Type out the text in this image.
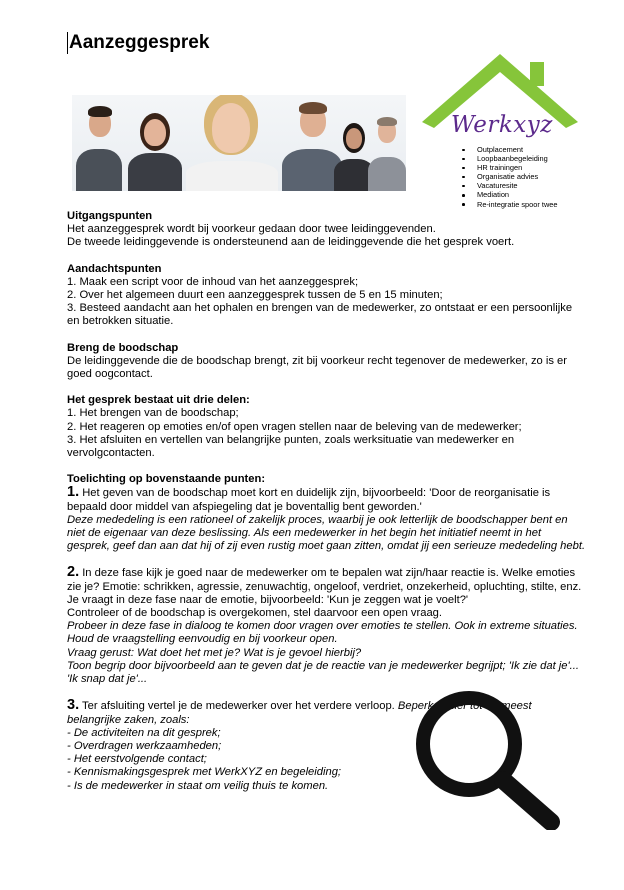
Aanzeggesprek
Werkxyz
Outplacement
Loopbaanbegeleiding
HR trainingen
Organisatie advies
Vacaturesite
Mediation
Re-integratie spoor twee

Uitgangspunten

Het aanzeggesprek wordt bij voorkeur gedaan door twee leidinggevenden.

De tweede leidinggevende is ondersteunend aan de leidinggevende die het gesprek voert.

Aandachtspunten

1. Maak een script voor de inhoud van het aanzeggesprek;

2. Over het algemeen duurt een aanzeggesprek tussen de 5 en 15 minuten;

3. Besteed aandacht aan het ophalen en brengen van de medewerker, zo ontstaat er een persoonlijke en betrokken situatie.

Breng de boodschap

De leidinggevende die de boodschap brengt, zit bij voorkeur recht tegenover de medewerker, zo is er goed oogcontact.

Het gesprek bestaat uit drie delen:

1. Het brengen van de boodschap;

2. Het reageren op emoties en/of open vragen stellen naar de beleving van de medewerker;

3. Het afsluiten en vertellen van belangrijke punten, zoals werksituatie van medewerker en vervolgcontacten.

Toelichting op bovenstaande punten:

1. Het geven van de boodschap moet kort en duidelijk zijn, bijvoorbeeld: 'Door de reorganisatie is bepaald door middel van afspiegeling dat je boventallig bent geworden.'

Deze mededeling is een rationeel of zakelijk proces, waarbij je ook letterlijk de boodschapper bent en niet de eigenaar van deze beslissing. Als een medewerker in het begin het initiatief neemt in het gesprek, geef dan aan dat hij of zij even rustig moet gaan zitten, omdat jij een serieuze mededeling hebt.

2. In deze fase kijk je goed naar de medewerker om te bepalen wat zijn/haar reactie is. Welke emoties zie je? Emotie: schrikken, agressie, zenuwachtig, ongeloof, verdriet, onzekerheid, opluchting, stilte, enz. Je vraagt in deze fase naar de emotie, bijvoorbeeld: 'Kun je zeggen wat je voelt?'

Controleer of de boodschap is overgekomen, stel daarvoor een open vraag.

Probeer in deze fase in dialoog te komen door vragen over emoties te stellen. Ook in extreme situaties. Houd de vraagstelling eenvoudig en bij voorkeur open.

Vraag gerust: Wat doet het met je? Wat is je gevoel hierbij?

Toon begrip door bijvoorbeeld aan te geven dat je de reactie van je medewerker begrijpt; 'Ik zie dat je'... 'Ik snap dat je'...

3. Ter afsluiting vertel je de medewerker over het verdere verloop. Beperk je hier tot de meest belangrijke zaken, zoals:

- De activiteiten na dit gesprek;

- Overdragen werkzaamheden;

- Het eerstvolgende contact;

- Kennismakingsgesprek met WerkXYZ en begeleiding;

- Is de medewerker in staat om veilig thuis te komen.
